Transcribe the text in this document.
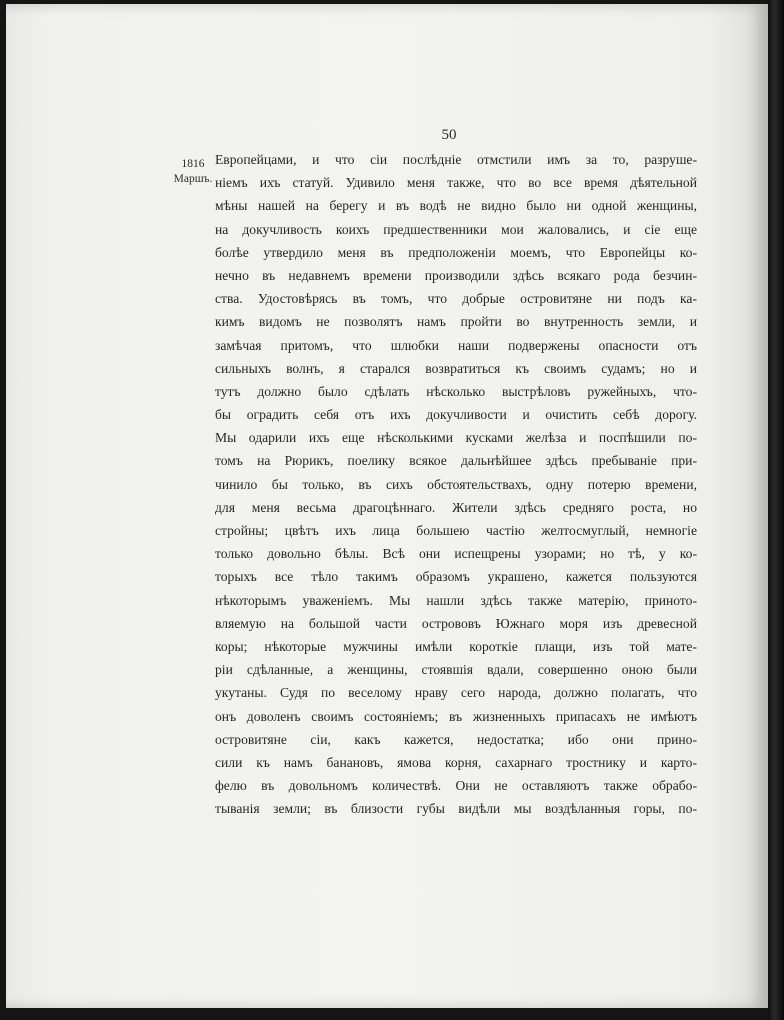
50
1816
Маршъ.
Европейцами, и что сіи послѣдніе отмстили имъ за то, разруше-
ніемъ ихъ статуй. Удивило меня также, что во все время дѣятельной
мѣны нашей на берегу и въ водѣ не видно было ни одной женщины,
на докучливость коихъ предшественники мои жаловались, и сіе еще
болѣе утвердило меня въ предположеніи моемъ, что Европейцы ко-
нечно въ недавнемъ времени производили здѣсь всякаго рода безчин-
ства. Удостовѣрясь въ томъ, что добрые островитяне ни подъ ка-
кимъ видомъ не позволятъ намъ пройти во внутренность земли, и
замѣчая притомъ, что шлюбки наши подвержены опасности отъ
сильныхъ волнъ, я старался возвратиться къ своимъ судамъ; но и
тутъ должно было сдѣлать нѣсколько выстрѣловъ ружейныхъ, что-
бы оградить себя отъ ихъ докучливости и очистить себѣ дорогу.
Мы одарили ихъ еще нѣсколькими кусками желѣза и поспѣшили по-
томъ на Рюрикъ, поелику всякое дальнѣйшее здѣсь пребываніе при-
чинило бы только, въ сихъ обстоятельствахъ, одну потерю времени,
для меня весьма драгоцѣннаго. Жители здѣсь средняго роста, но
стройны; цвѣтъ ихъ лица большею частію желтосмуглый, немногіе
только довольно бѣлы. Всѣ они испещрены узорами; но тѣ, у ко-
торыхъ все тѣло такимъ образомъ украшено, кажется пользуются
нѣкоторымъ уваженіемъ. Мы нашли здѣсь также матерію, приното-
вляемую на большой части острововъ Южнаго моря изъ древесной
коры; нѣкоторые мужчины имѣли короткіе плащи, изъ той мате-
ріи сдѣланные, а женщины, стоявшія вдали, совершенно оною были
укутаны. Судя по веселому нраву сего народа, должно полагать, что
онъ доволенъ своимъ состояніемъ; въ жизненныхъ припасахъ не имѣютъ
островитяне сіи, какъ кажется, недостатка; ибо они прино-
сили къ намъ банановъ, ямова корня, сахарнаго тростнику и карто-
фелю въ довольномъ количествѣ. Они не оставляютъ также обрабо-
тыванія земли; въ близости губы видѣли мы воздѣланныя горы, по-
